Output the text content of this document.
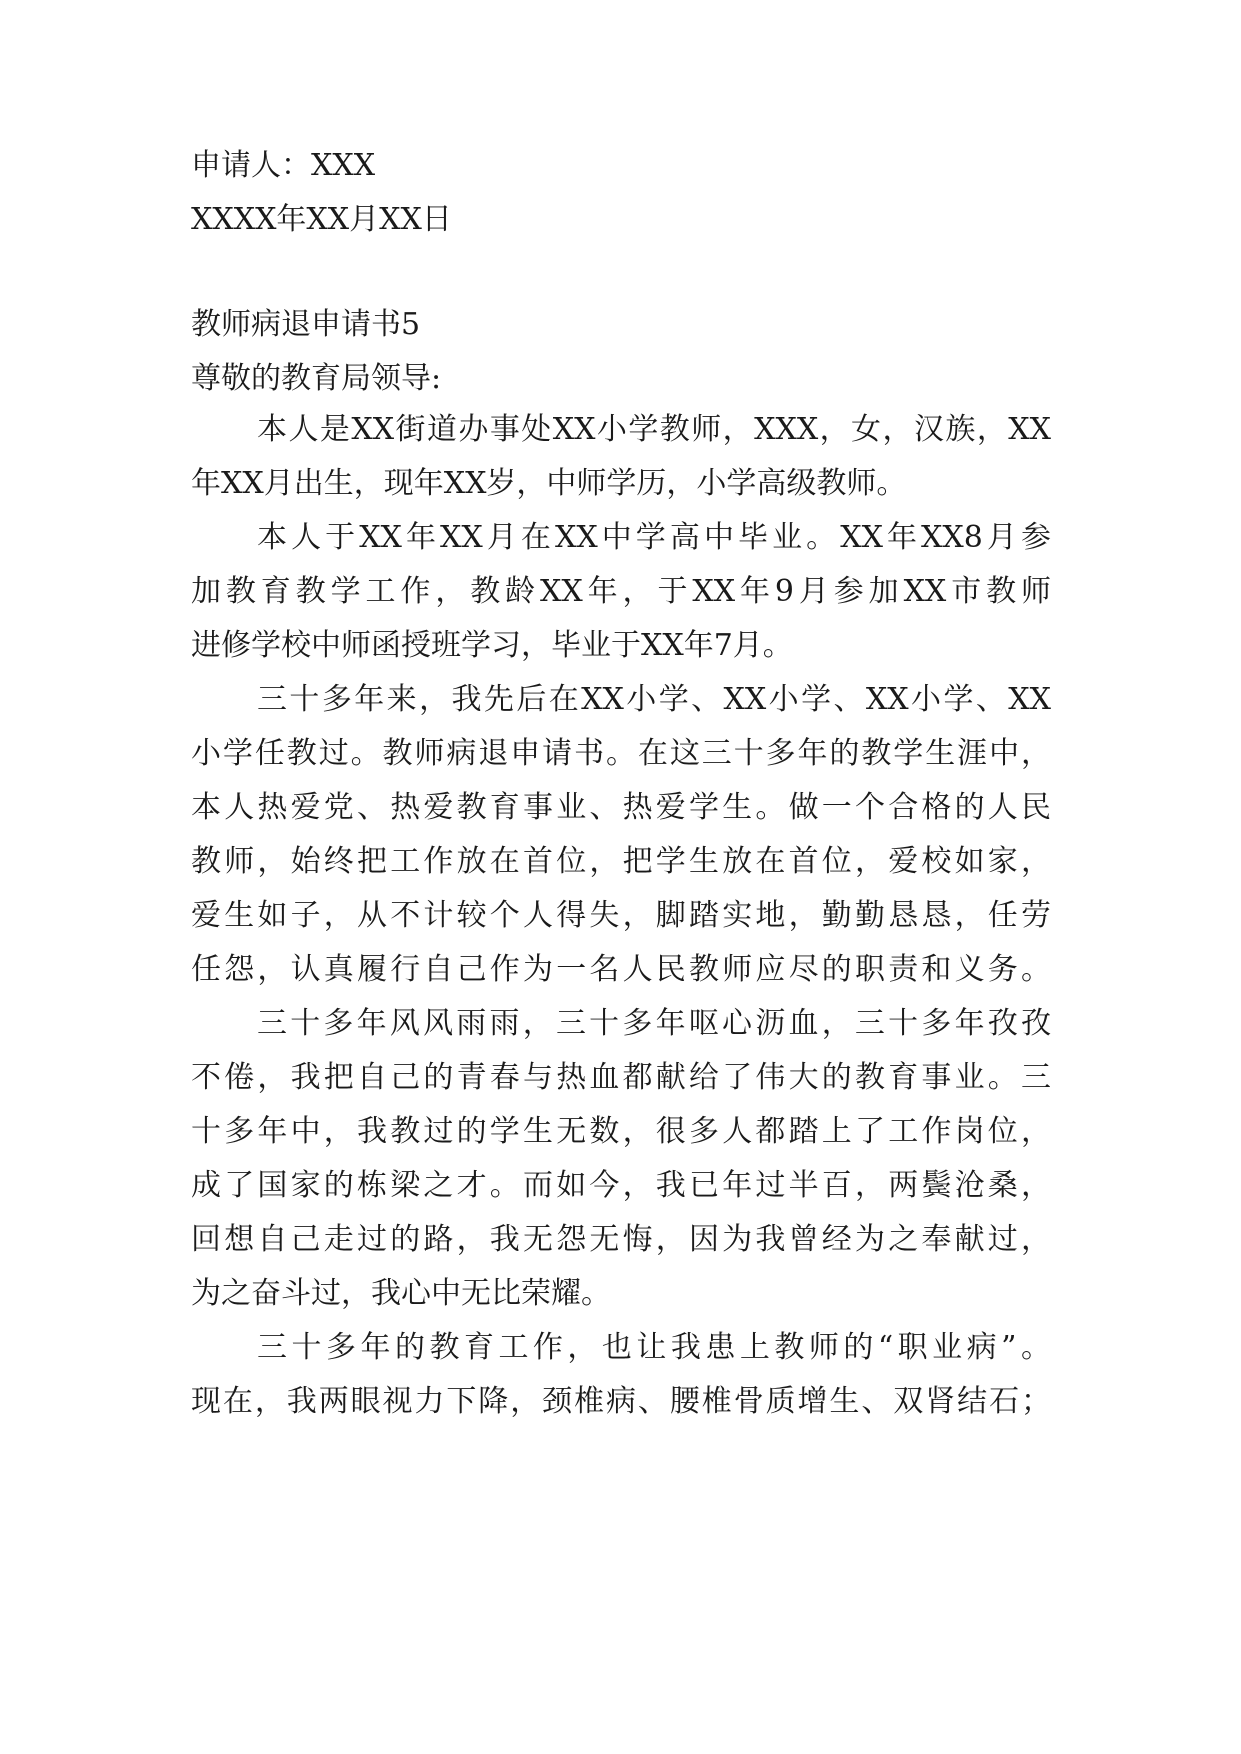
申请人：XXX
XXXX年XX月XX日
教师病退申请书5
尊敬的教育局领导:
本人是XX街道办事处XX小学教师，XXX，女，汉族，XX
年XX月出生，现年XX岁，中师学历，小学高级教师。
本人于XX年XX月在XX中学高中毕业。XX年XX8月参
加教育教学工作，教龄XX年，于XX年9月参加XX市教师
进修学校中师函授班学习，毕业于XX年7月。
三十多年来，我先后在XX小学、XX小学、XX小学、XX
小学任教过。教师病退申请书。在这三十多年的教学生涯中，
本人热爱党、热爱教育事业、热爱学生。做一个合格的人民
教师，始终把工作放在首位，把学生放在首位，爱校如家，
爱生如子，从不计较个人得失，脚踏实地，勤勤恳恳，任劳
任怨，认真履行自己作为一名人民教师应尽的职责和义务。
三十多年风风雨雨，三十多年呕心沥血，三十多年孜孜
不倦，我把自己的青春与热血都献给了伟大的教育事业。三
十多年中，我教过的学生无数，很多人都踏上了工作岗位，
成了国家的栋梁之才。而如今，我已年过半百，两鬓沧桑，
回想自己走过的路，我无怨无悔，因为我曾经为之奉献过，
为之奋斗过，我心中无比荣耀。
三十多年的教育工作，也让我患上教师的“职业病”。
现在，我两眼视力下降，颈椎病、腰椎骨质增生、双肾结石；
